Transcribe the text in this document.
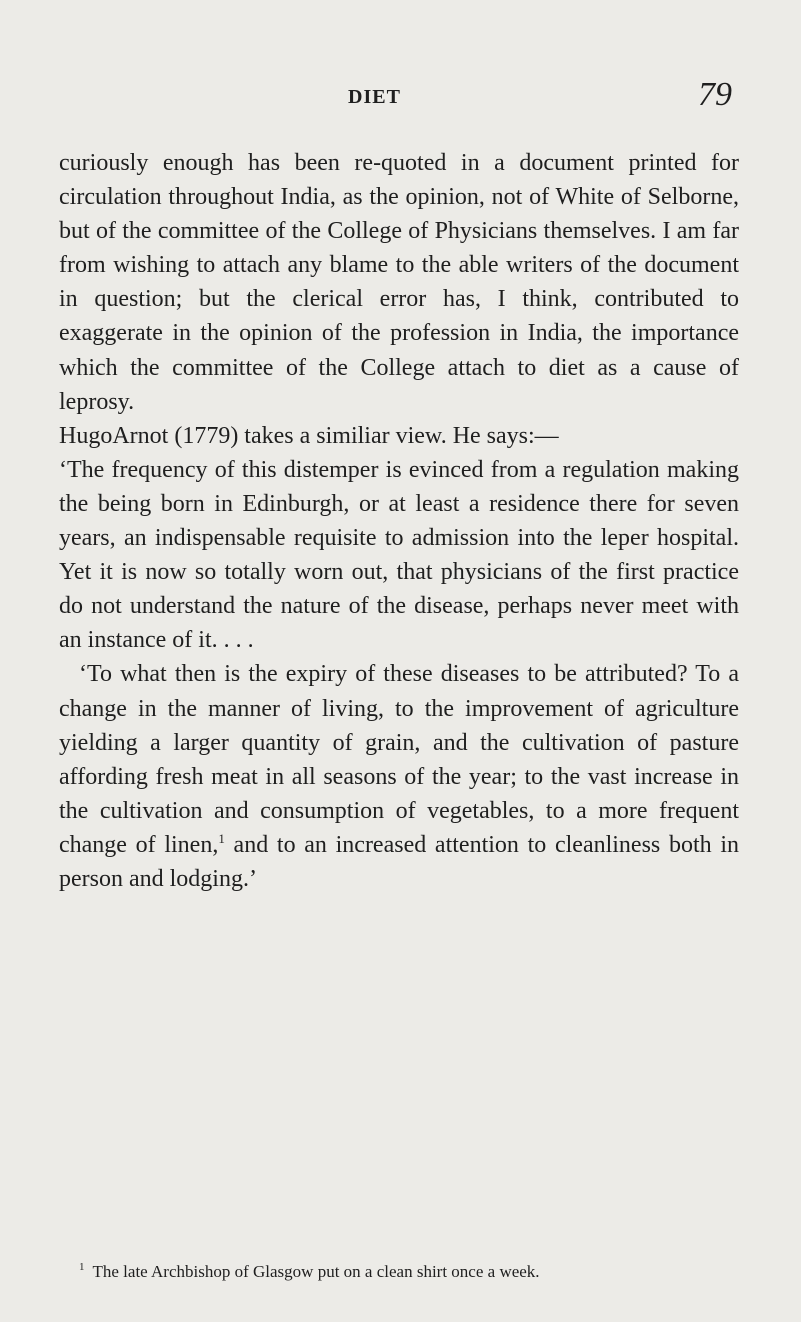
DIET	79

curiously enough has been re-quoted in a document printed for circulation throughout India, as the opinion, not of White of Selborne, but of the committee of the College of Physicians themselves. I am far from wishing to attach any blame to the able writers of the document in question; but the clerical error has, I think, contributed to exaggerate in the opinion of the profession in India, the importance which the committee of the College attach to diet as a cause of leprosy.

HugoArnot (1779) takes a similiar view. He says:—

‘The frequency of this distemper is evinced from a regulation making the being born in Edinburgh, or at least a residence there for seven years, an indispensable requisite to admission into the leper hospital. Yet it is now so totally worn out, that physicians of the first practice do not understand the nature of the disease, perhaps never meet with an instance of it. . . .

‘To what then is the expiry of these diseases to be attributed? To a change in the manner of living, to the improvement of agriculture yielding a larger quantity of grain, and the cultivation of pasture affording fresh meat in all seasons of the year; to the vast increase in the cultivation and consumption of vegetables, to a more frequent change of linen,$^1$ and to an increased attention to cleanliness both in person and lodging.’

$^1$ The late Archbishop of Glasgow put on a clean shirt once a week.
